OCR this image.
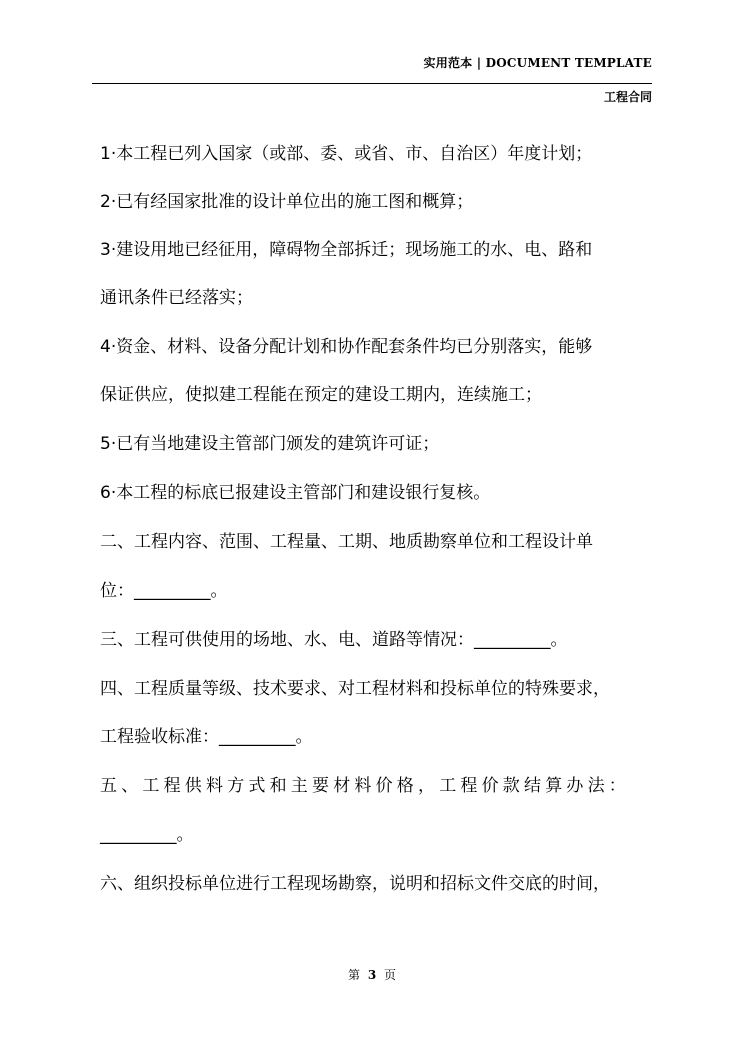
实用范本 | DOCUMENT TEMPLATE
工程合同
1·本工程已列入国家（或部、委、或省、市、自治区）年度计划；
2·已有经国家批准的设计单位出的施工图和概算；
3·建设用地已经征用，障碍物全部拆迁；现场施工的水、电、路和
通讯条件已经落实；
4·资金、材料、设备分配计划和协作配套条件均已分别落实，能够
保证供应，使拟建工程能在预定的建设工期内，连续施工；
5·已有当地建设主管部门颁发的建筑许可证；
6·本工程的标底已报建设主管部门和建设银行复核。
二、工程内容、范围、工程量、工期、地质勘察单位和工程设计单
位：_________。
三、工程可供使用的场地、水、电、道路等情况：_________。
四、工程质量等级、技术要求、对工程材料和投标单位的特殊要求，
工程验收标准：_________。
五、工程供料方式和主要材料价格，工程价款结算办法：
_________。
六、组织投标单位进行工程现场勘察，说明和招标文件交底的时间，
第 3 页
